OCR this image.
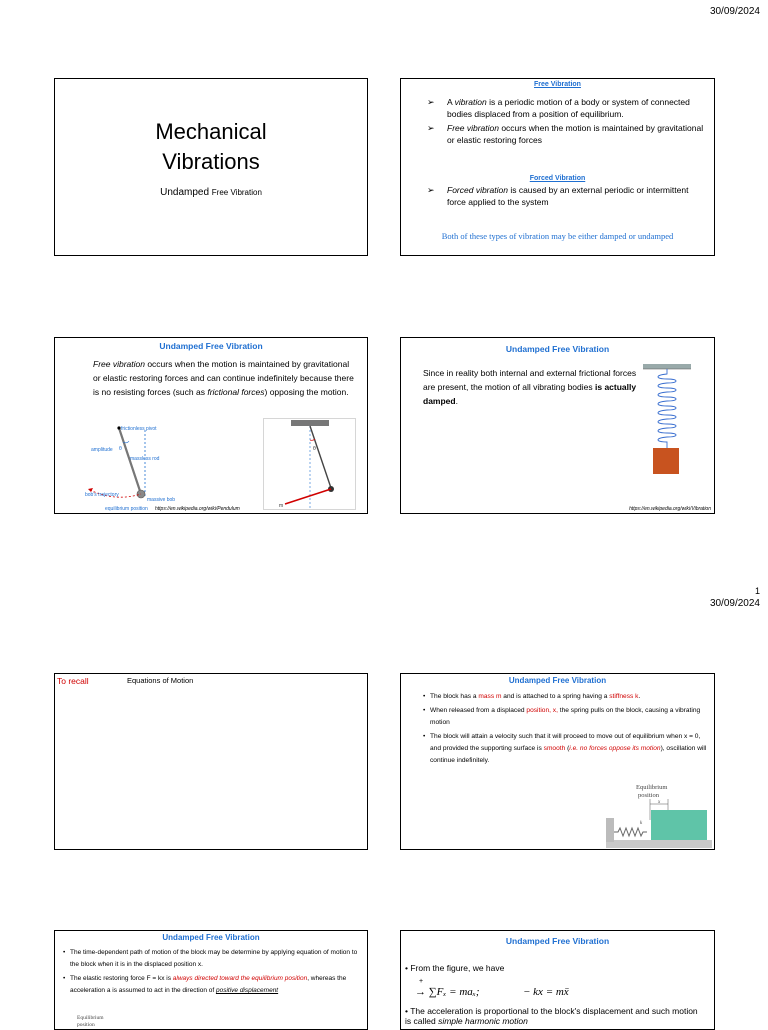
30/09/2024
Mechanical
Vibrations
Undamped Free Vibration
Free Vibration
➢ A vibration is a periodic motion of a body or system of connected bodies displaced from a position of equilibrium.
➢ Free vibration occurs when the motion is maintained by gravitational or elastic restoring forces
Forced Vibration
➢ Forced vibration is caused by an external periodic or intermittent force applied to the system
Both of these types of vibration may be either damped or undamped
Undamped Free Vibration
Free vibration occurs when the motion is maintained by gravitational or elastic restoring forces and can continue indefinitely because there is no resisting forces (such as frictional forces) opposing the motion.
frictionless pivot
amplitude θ
massless rod
bob's trajectory
massive bob
equilibrium position
θ
m
https://en.wikipedia.org/wiki/Pendulum
Undamped Free Vibration
Since in reality both internal and external frictional forces are present, the motion of all vibrating bodies is actually damped.
https://en.wikipedia.org/wiki/Vibration
1
30/09/2024
To recall	Equations of Motion	Undamped Free Vibration
• The block has a mass m and is attached to a spring having a stiffness k.
• When released from a displaced position, x, the spring pulls on the block, causing a vibrating motion
• The block will attain a velocity such that it will proceed to move out of equilibrium when x = 0, and provided the supporting surface is smooth (i.e. no forces oppose its motion), oscillation will continue indefinitely.
Equilibrium
position
x
k
Undamped Free Vibration
• The time-dependent path of motion of the block may be determine by applying equation of motion to the block when it is in the displaced position x.
• The elastic restoring force F = kx is always directed toward the equilibrium position, whereas the acceleration a is assumed to act in the direction of positive displacement
Equilibrium
position
Undamped Free Vibration
• From the figure, we have
+
→ ∑Fₓ = maₓ;	− kx = mẍ
• The acceleration is proportional to the block's displacement and such motion is called simple harmonic motion
